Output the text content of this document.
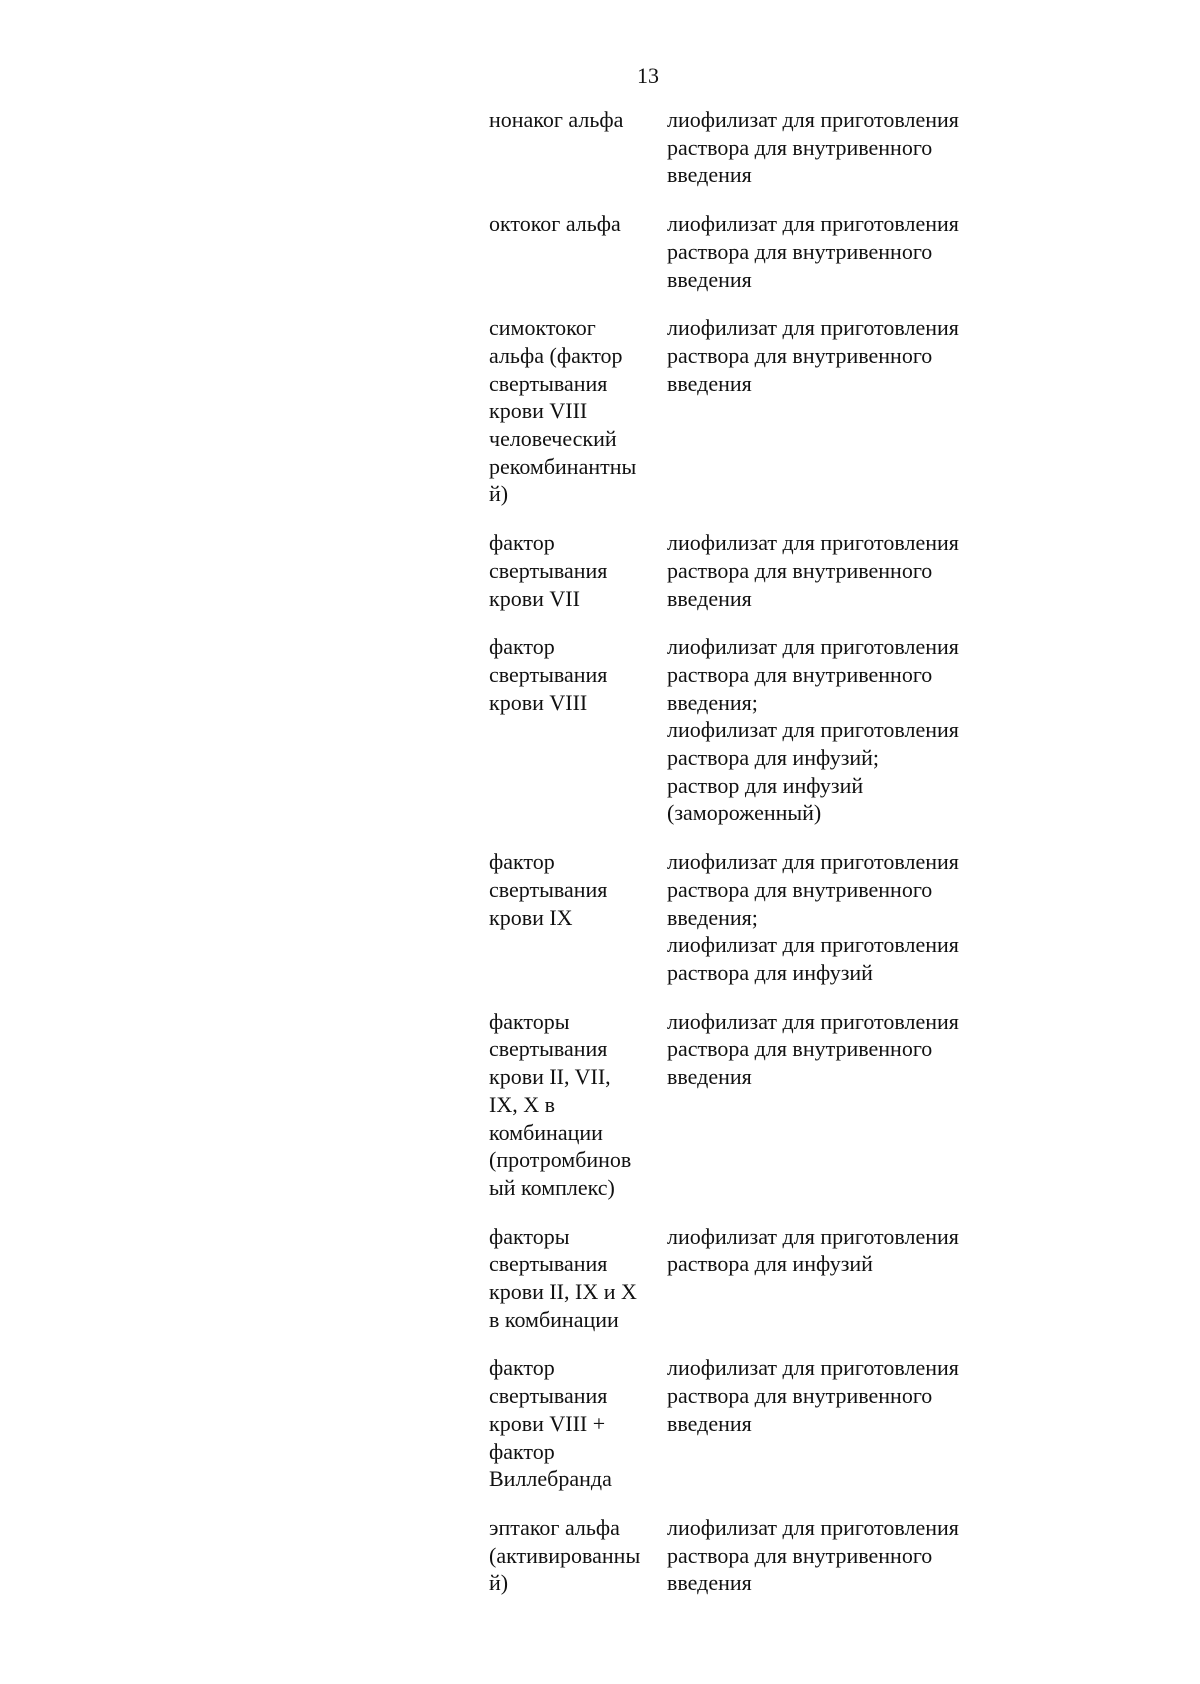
13
нонаког альфа	лиофилизат для приготовления
раствора для внутривенного
введения
октоког альфа	лиофилизат для приготовления
раствора для внутривенного
введения
симоктоког
альфа (фактор
свертывания
крови VIII
человеческий
рекомбинантны
й)
лиофилизат для приготовления
раствора для внутривенного
введения
фактор
свертывания
крови VII
лиофилизат для приготовления
раствора для внутривенного
введения
фактор
свертывания
крови VIII
лиофилизат для приготовления
раствора для внутривенного
введения;
лиофилизат для приготовления
раствора для инфузий;
раствор для инфузий
(замороженный)
фактор
свертывания
крови IX
лиофилизат для приготовления
раствора для внутривенного
введения;
лиофилизат для приготовления
раствора для инфузий
факторы
свертывания
крови II, VII,
IX, X в
комбинации
(протромбинов
ый комплекс)
лиофилизат для приготовления
раствора для внутривенного
введения
факторы
свертывания
крови II, IX и X
в комбинации
лиофилизат для приготовления
раствора для инфузий
фактор
свертывания
крови VIII +
фактор
Виллебранда
лиофилизат для приготовления
раствора для внутривенного
введения
эптаког альфа
(активированны
й)
лиофилизат для приготовления
раствора для внутривенного
введения
